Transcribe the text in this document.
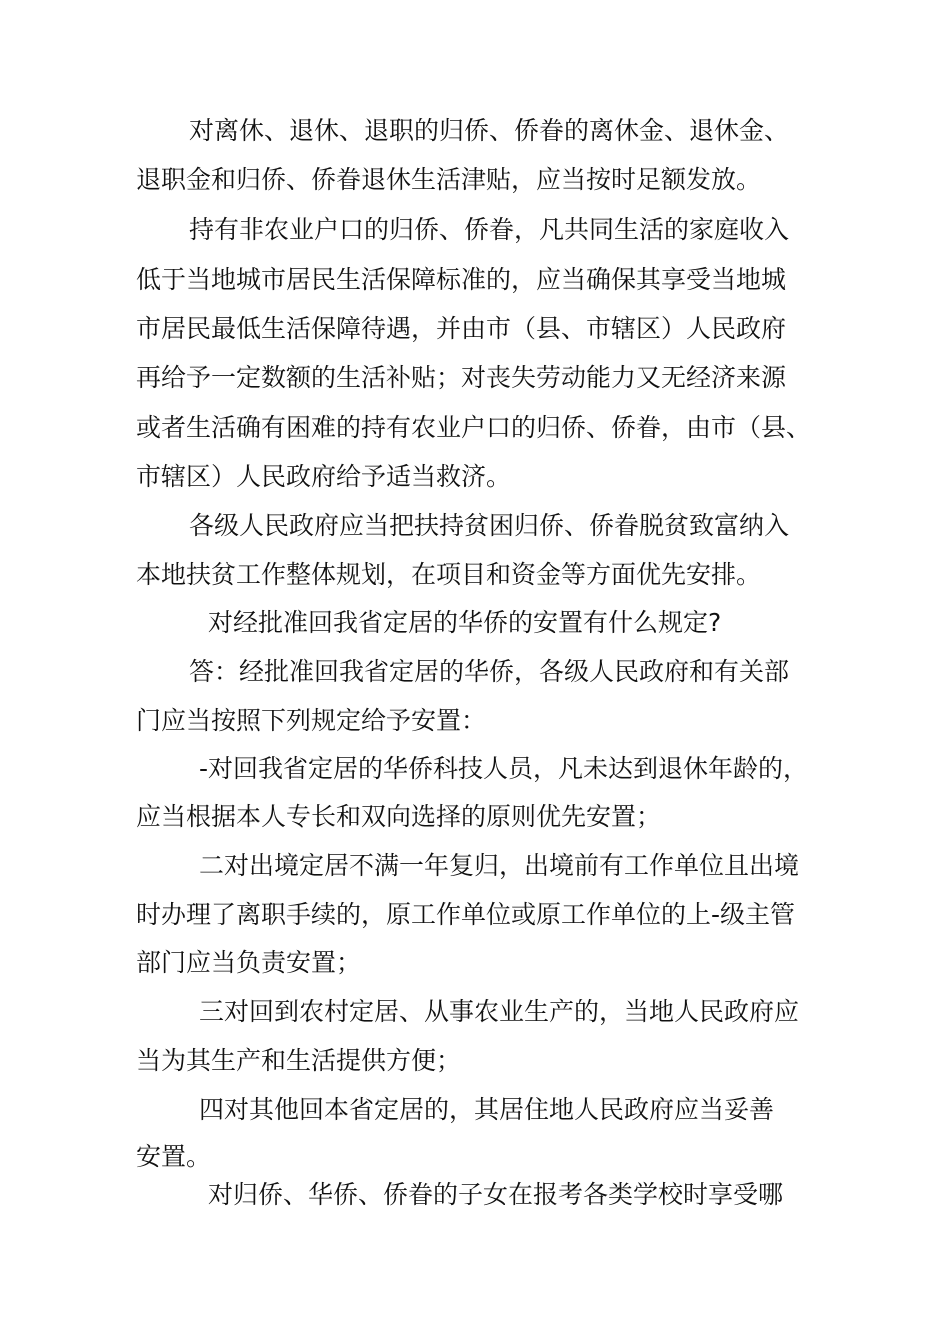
对离休、退休、退职的归侨、侨眷的离休金、退休金、
退职金和归侨、侨眷退休生活津贴，应当按时足额发放。
持有非农业户口的归侨、侨眷，凡共同生活的家庭收入
低于当地城市居民生活保障标准的，应当确保其享受当地城
市居民最低生活保障待遇，并由市（县、市辖区）人民政府
再给予一定数额的生活补贴；对丧失劳动能力又无经济来源
或者生活确有困难的持有农业户口的归侨、侨眷，由市（县、
市辖区）人民政府给予适当救济。
各级人民政府应当把扶持贫困归侨、侨眷脱贫致富纳入
本地扶贫工作整体规划，在项目和资金等方面优先安排。
对经批准回我省定居的华侨的安置有什么规定?
答：经批准回我省定居的华侨，各级人民政府和有关部
门应当按照下列规定给予安置：
-对回我省定居的华侨科技人员，凡未达到退休年龄的，
应当根据本人专长和双向选择的原则优先安置；
二对出境定居不满一年复归，出境前有工作单位且出境
时办理了离职手续的，原工作单位或原工作单位的上-级主管
部门应当负责安置；
三对回到农村定居、从事农业生产的，当地人民政府应
当为其生产和生活提供方便；
四对其他回本省定居的，其居住地人民政府应当妥善
安置。
对归侨、华侨、侨眷的子女在报考各类学校时享受哪
